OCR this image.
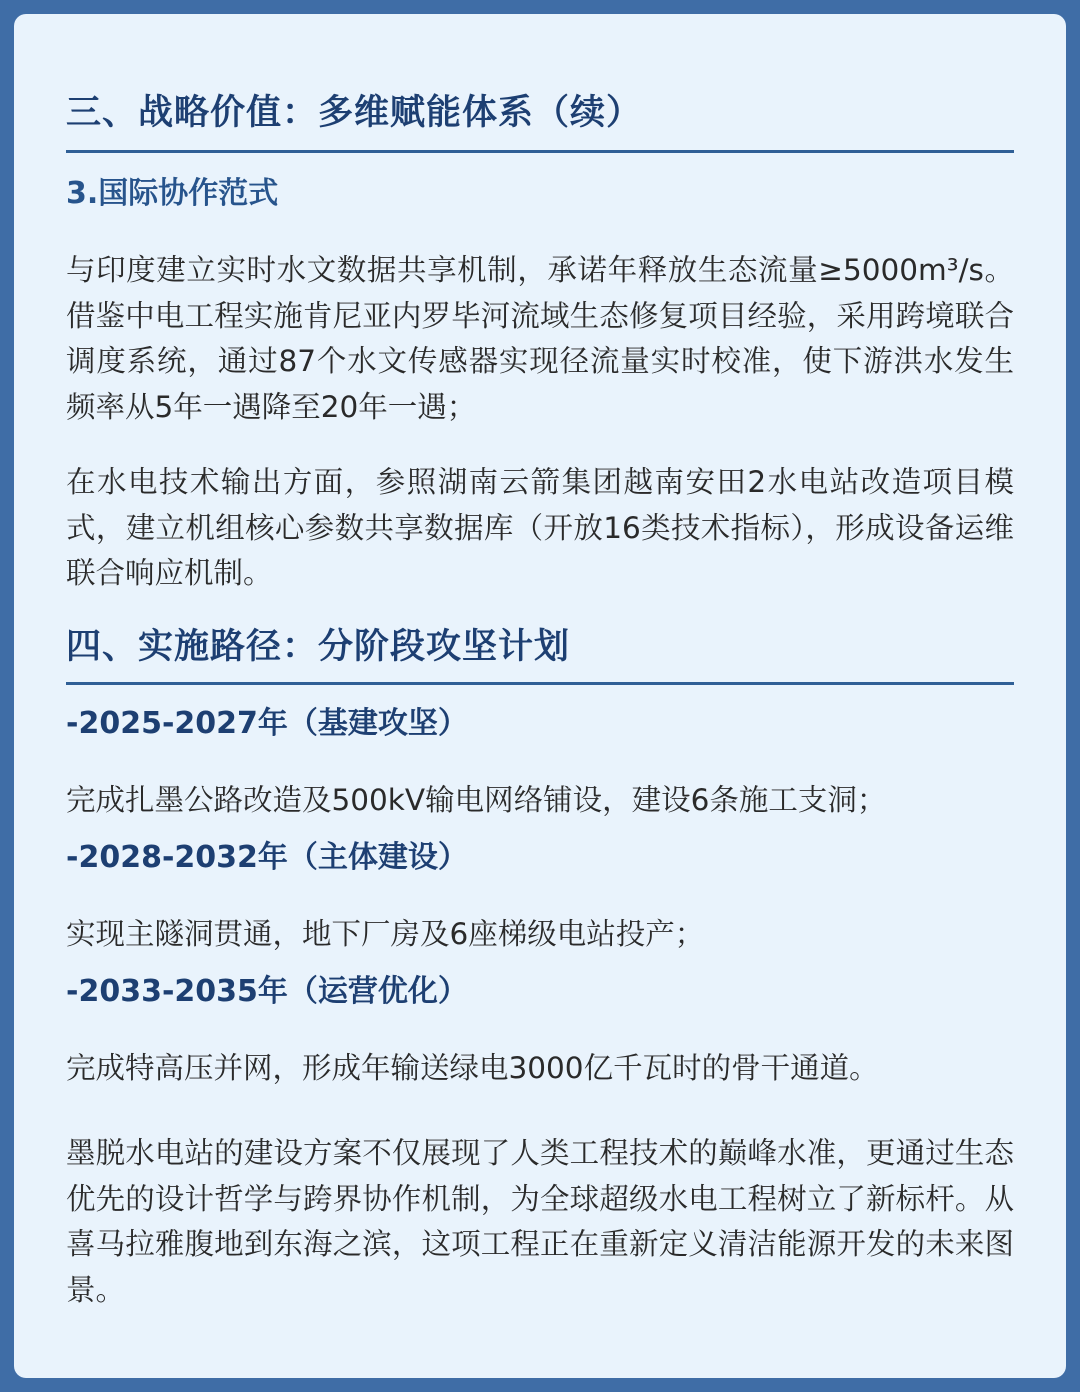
三、战略价值：多维赋能体系（续）
3.国际协作范式

与印度建立实时水文数据共享机制，承诺年释放生态流量≥5000m³/s。借鉴中电工程实施肯尼亚内罗毕河流域生态修复项目经验，采用跨境联合调度系统，通过87个水文传感器实现径流量实时校准，使下游洪水发生频率从5年一遇降至20年一遇；

在水电技术输出方面，参照湖南云箭集团越南安田2水电站改造项目模式，建立机组核心参数共享数据库（开放16类技术指标），形成设备运维联合响应机制。

四、实施路径：分阶段攻坚计划
-2025-2027年（基建攻坚）

完成扎墨公路改造及500kV输电网络铺设，建设6条施工支洞；

-2028-2032年（主体建设）

实现主隧洞贯通，地下厂房及6座梯级电站投产；

-2033-2035年（运营优化）

完成特高压并网，形成年输送绿电3000亿千瓦时的骨干通道。

墨脱水电站的建设方案不仅展现了人类工程技术的巅峰水准，更通过生态优先的设计哲学与跨界协作机制，为全球超级水电工程树立了新标杆。从喜马拉雅腹地到东海之滨，这项工程正在重新定义清洁能源开发的未来图景。
